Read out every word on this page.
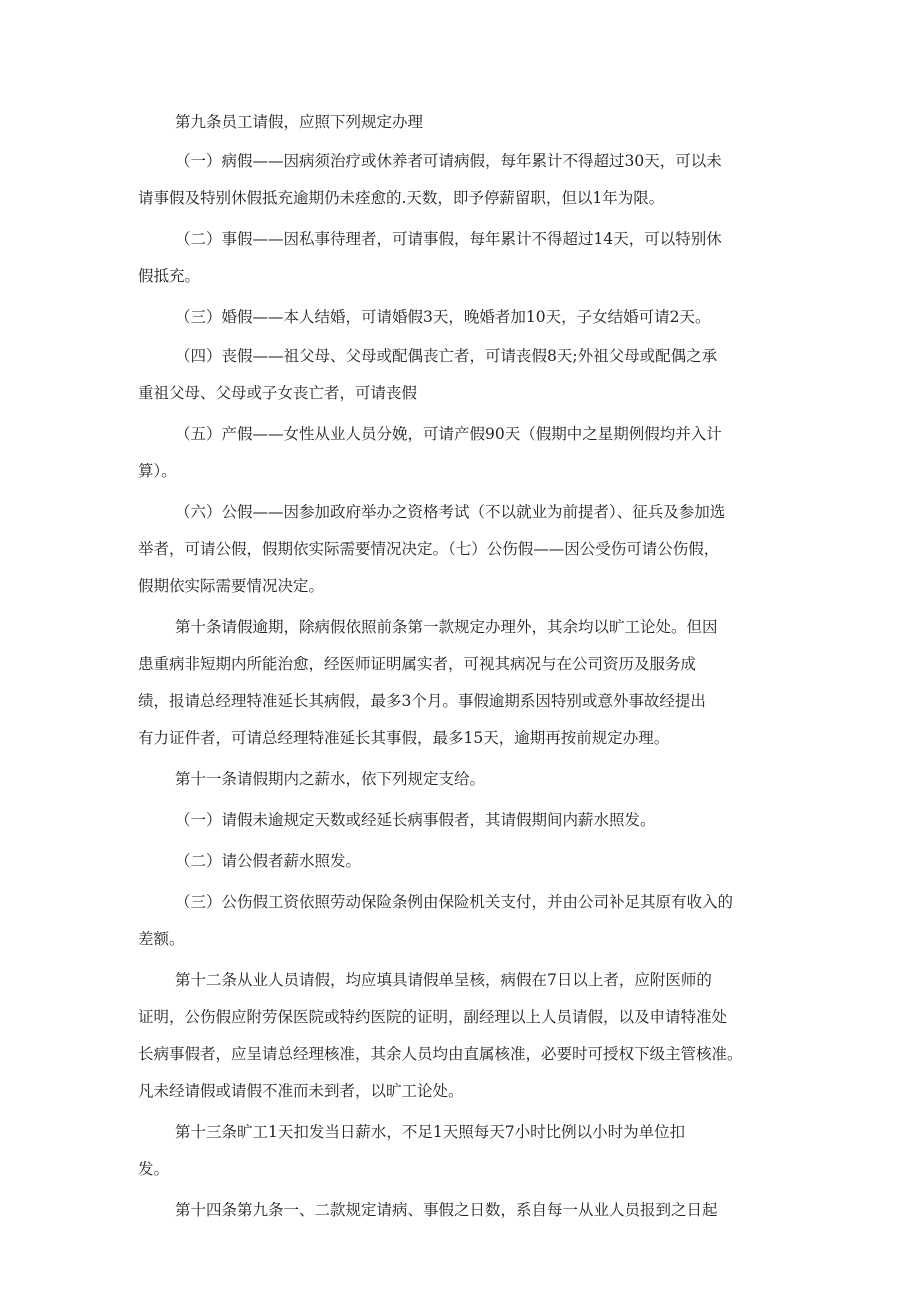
第九条员工请假，应照下列规定办理
（一）病假——因病须治疗或休养者可请病假，每年累计不得超过30天，可以未
请事假及特别休假抵充逾期仍未痊愈的.天数，即予停薪留职，但以1年为限。
（二）事假——因私事待理者，可请事假，每年累计不得超过14天，可以特别休
假抵充。
（三）婚假——本人结婚，可请婚假3天，晚婚者加10天，子女结婚可请2天。
（四）丧假——祖父母、父母或配偶丧亡者，可请丧假8天;外祖父母或配偶之承
重祖父母、父母或子女丧亡者，可请丧假
（五）产假——女性从业人员分娩，可请产假90天（假期中之星期例假均并入计
算）。
（六）公假——因参加政府举办之资格考试（不以就业为前提者）、征兵及参加选
举者，可请公假，假期依实际需要情况决定。（七）公伤假——因公受伤可请公伤假，
假期依实际需要情况决定。
第十条请假逾期，除病假依照前条第一款规定办理外，其余均以旷工论处。但因
患重病非短期内所能治愈，经医师证明属实者，可视其病况与在公司资历及服务成
绩，报请总经理特准延长其病假，最多3个月。事假逾期系因特别或意外事故经提出
有力证件者，可请总经理特准延长其事假，最多15天，逾期再按前规定办理。
第十一条请假期内之薪水，依下列规定支给。
（一）请假未逾规定天数或经延长病事假者，其请假期间内薪水照发。
（二）请公假者薪水照发。
（三）公伤假工资依照劳动保险条例由保险机关支付，并由公司补足其原有收入的
差额。
第十二条从业人员请假，均应填具请假单呈核，病假在7日以上者，应附医师的
证明，公伤假应附劳保医院或特约医院的证明，副经理以上人员请假，以及申请特准处
长病事假者，应呈请总经理核准，其余人员均由直属核准，必要时可授权下级主管核准。
凡未经请假或请假不准而未到者，以旷工论处。
第十三条旷工1天扣发当日薪水，不足1天照每天7小时比例以小时为单位扣
发。
第十四条第九条一、二款规定请病、事假之日数，系自每一从业人员报到之日起
